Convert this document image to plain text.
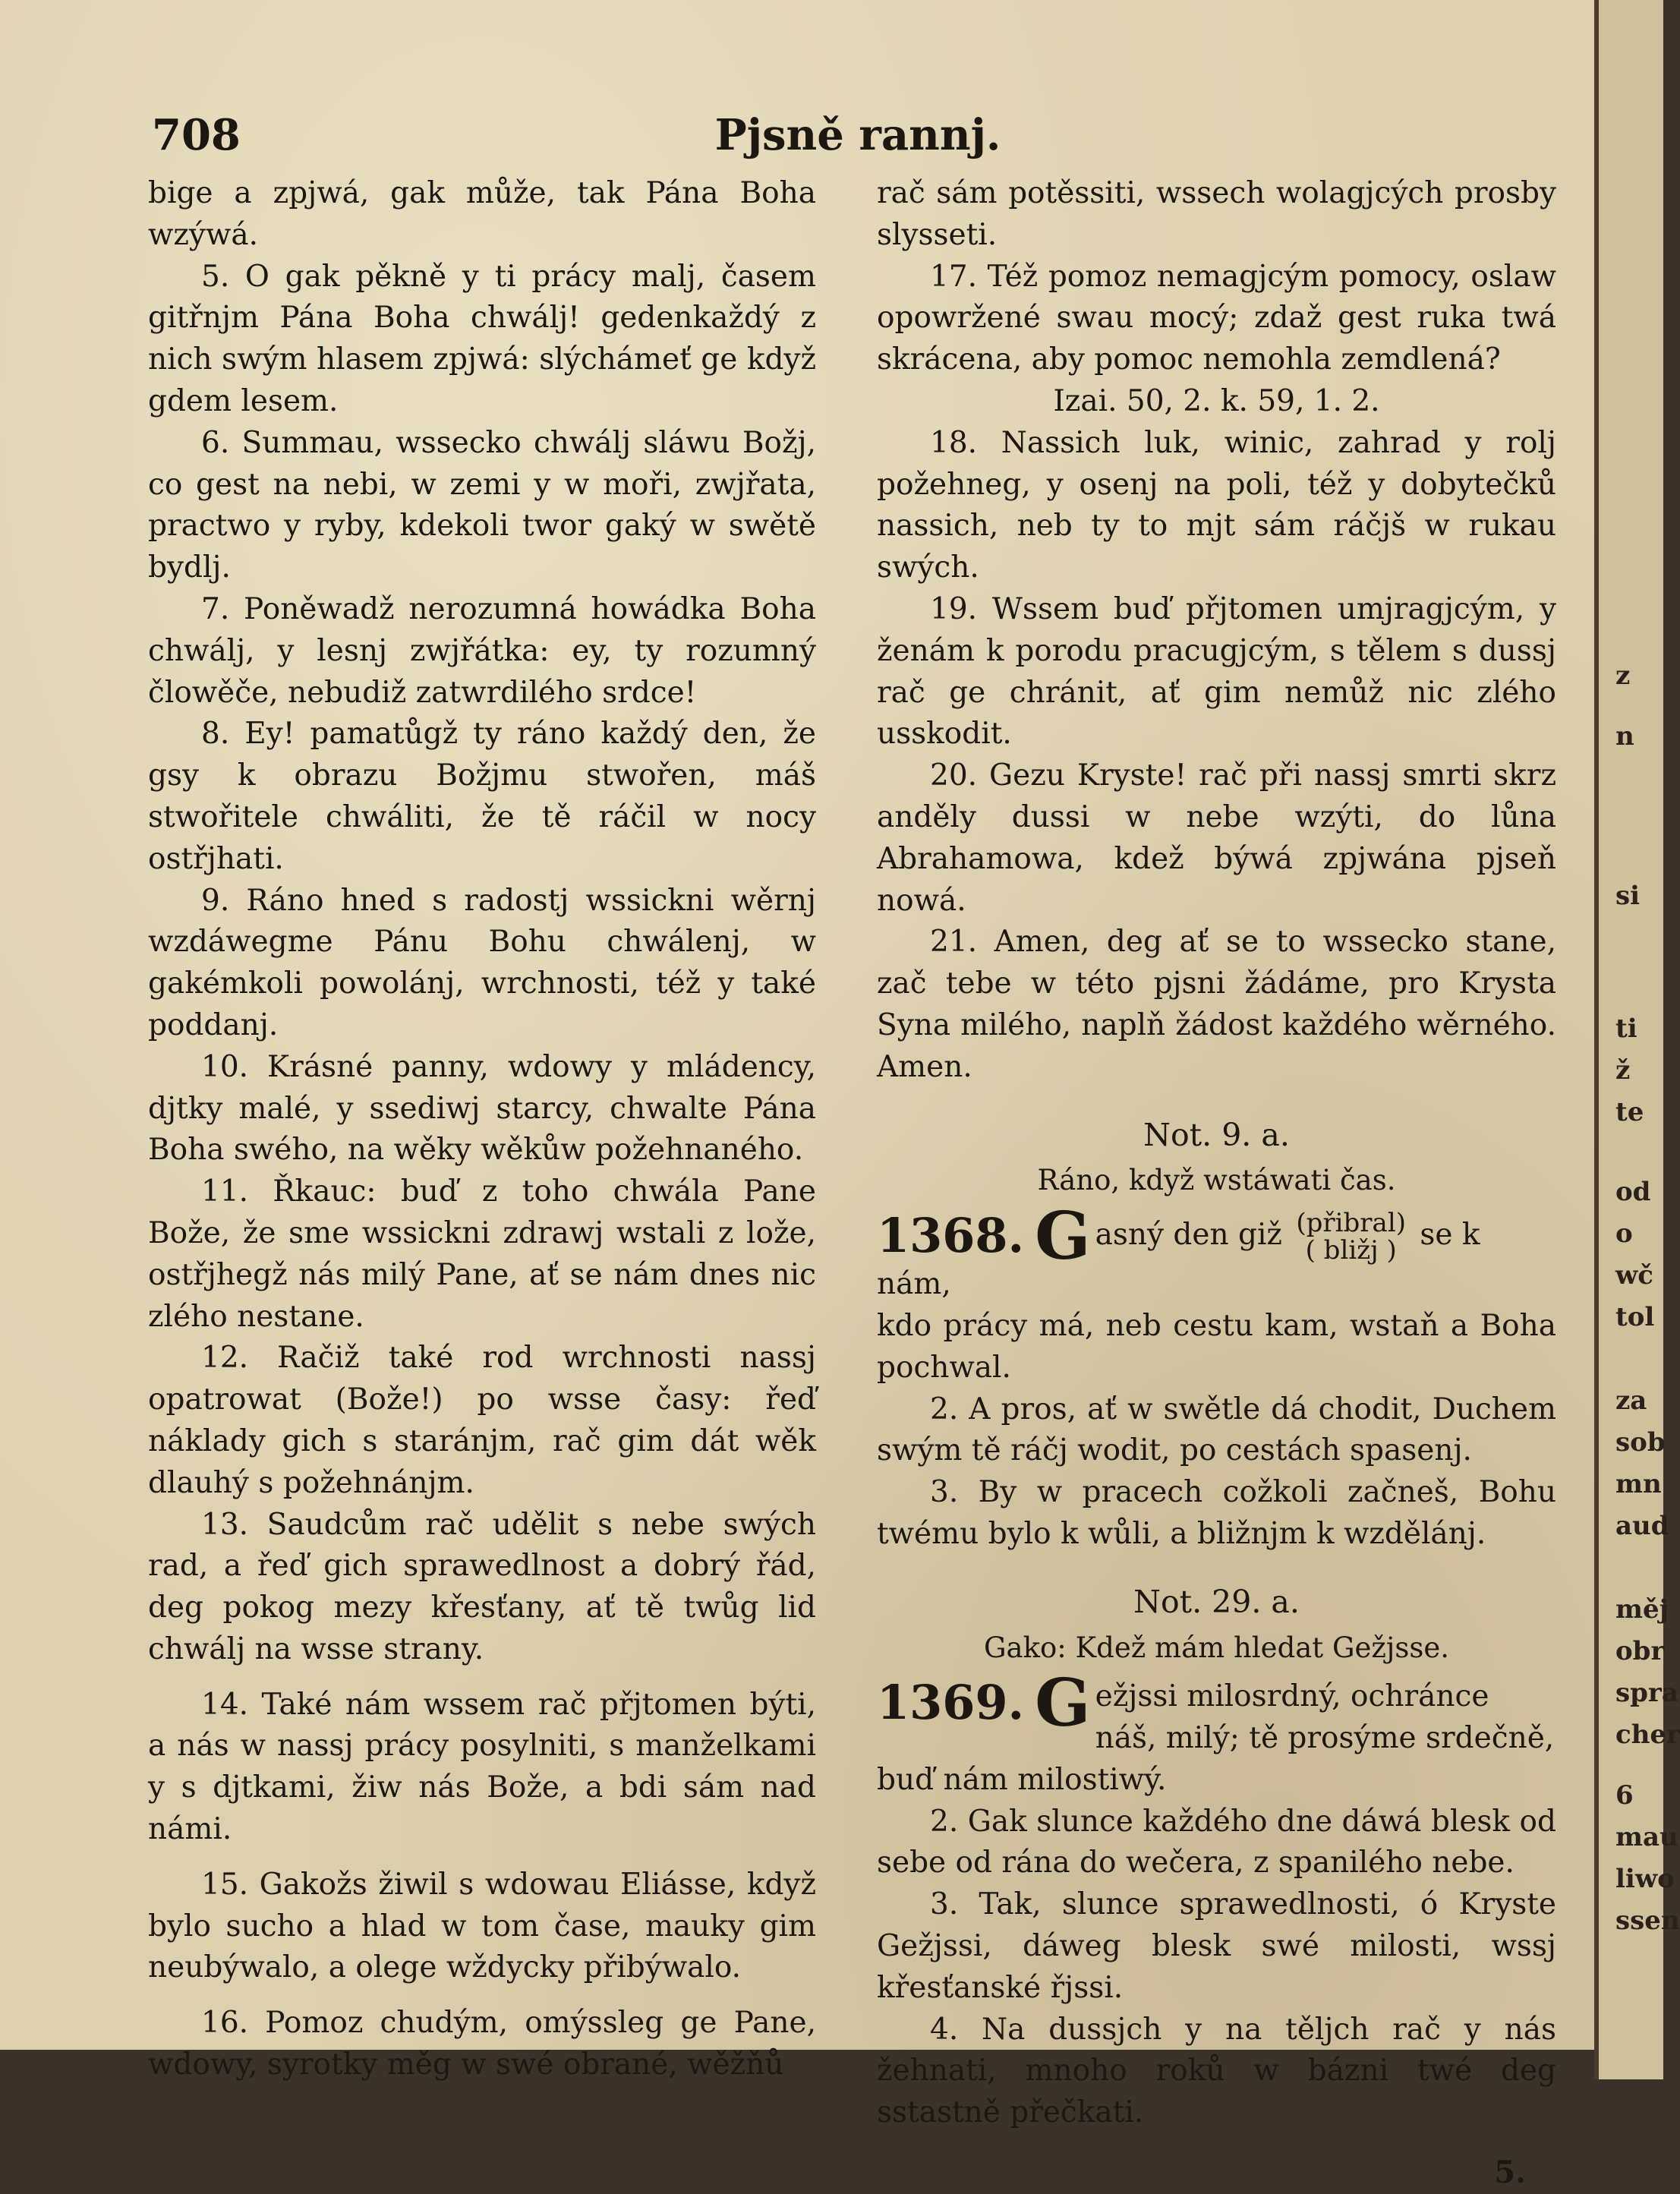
708	Pjsně rannj.

bige a zpjwá, gak může, tak Pána Boha wzýwá.

5. O gak pěkně y ti prácy malj, časem gitřnjm Pána Boha chwálj! gedenkaždý z nich swým hlasem zpjwá: slýchámeť ge když gdem lesem.

6. Summau, wssecko chwálj sláwu Božj, co gest na nebi, w zemi y w moři, zwjřata, practwo y ryby, kdekoli twor gaký w swětě bydlj.

7. Poněwadž nerozumná howádka Boha chwálj, y lesnj zwjřátka: ey, ty rozumný člowěče, nebudiž zatwrdilého srdce!

8. Ey! pamatůgž ty ráno každý den, že gsy k obrazu Božjmu stwořen, máš stwořitele chwáliti, že tě ráčil w nocy ostřjhati.

9. Ráno hned s radostj wssickni wěrnj wzdáwegme Pánu Bohu chwálenj, w gakémkoli powolánj, wrchnosti, též y také poddanj.

10. Krásné panny, wdowy y mládency, djtky malé, y ssediwj starcy, chwalte Pána Boha swého, na wěky wěkůw požehnaného.

11. Řkauc: buď z toho chwála Pane Bože, že sme wssickni zdrawj wstali z lože, ostřjhegž nás milý Pane, ať se nám dnes nic zlého nestane.

12. Račiž také rod wrchnosti nassj opatrowat (Bože!) po wsse časy: řeď náklady gich s staránjm, rač gim dát wěk dlauhý s požehnánjm.

13. Saudcům rač udělit s nebe swých rad, a řeď gich sprawedlnost a dobrý řád, deg pokog mezy křesťany, ať tě twůg lid chwálj na wsse strany.

14. Také nám wssem rač přjtomen býti, a nás w nassj prácy posylniti, s manželkami y s djtkami, žiw nás Bože, a bdi sám nad námi.

15. Gakožs žiwil s wdowau Eliásse, když bylo sucho a hlad w tom čase, mauky gim neubýwalo, a olege wždycky přibýwalo.

16. Pomoz chudým, omýssleg ge Pane, wdowy, syrotky měg w swé obrané, wěžňů

rač sám potěssiti, wssech wolagjcých prosby slysseti.

17. Též pomoz nemagjcým pomocy, oslaw opowržené swau mocý; zdaž gest ruka twá skrácena, aby pomoc nemohla zemdlená?

Izai. 50, 2. k. 59, 1. 2.

18. Nassich luk, winic, zahrad y rolj požehneg, y osenj na poli, též y dobytečků nassich, neb ty to mjt sám ráčjš w rukau swých.

19. Wssem buď přjtomen umjragjcým, y ženám k porodu pracugjcým, s tělem s dussj rač ge chránit, ať gim nemůž nic zlého usskodit.

20. Gezu Kryste! rač při nassj smrti skrz anděly dussi w nebe wzýti, do lůna Abrahamowa, kdež býwá zpjwána pjseň nowá.

21. Amen, deg ať se to wssecko stane, zač tebe w této pjsni žádáme, pro Krysta Syna milého, naplň žádost každého wěrného. Amen.

Not. 9. a.
Ráno, když wstáwati čas.
1368. G asný den giž (přibral)
( bližj ) se k nám,

kdo prácy má, neb cestu kam, wstaň a Boha pochwal.

2. A pros, ať w swětle dá chodit, Duchem swým tě ráčj wodit, po cestách spasenj.

3. By w pracech cožkoli začneš, Bohu twému bylo k wůli, a bližnjm k wzdělánj.

Not. 29. a.
Gako: Kdež mám hledat Gežjsse.
1369. G ežjssi milosrdný, ochránce náš, milý; tě prosýme srdečně, buď nám milostiwý.

2. Gak slunce každého dne dáwá blesk od sebe od ránа do wečera, z spanilého nebe.

3. Tak, slunce sprawedlnosti, ó Kryste Gežjssi, dáweg blesk swé milosti, wssj křesťanské řjssi.

4. Na dussjch y na těljch rač y nás žehnati, mnoho roků w bázni twé deg sstastně přečkati.

5.
z
n
si
ti
ž
te
od
o
wč
tol
za
sob
mn
aud
měj
obr
spra
cher
6
mau
liwo
ssen
